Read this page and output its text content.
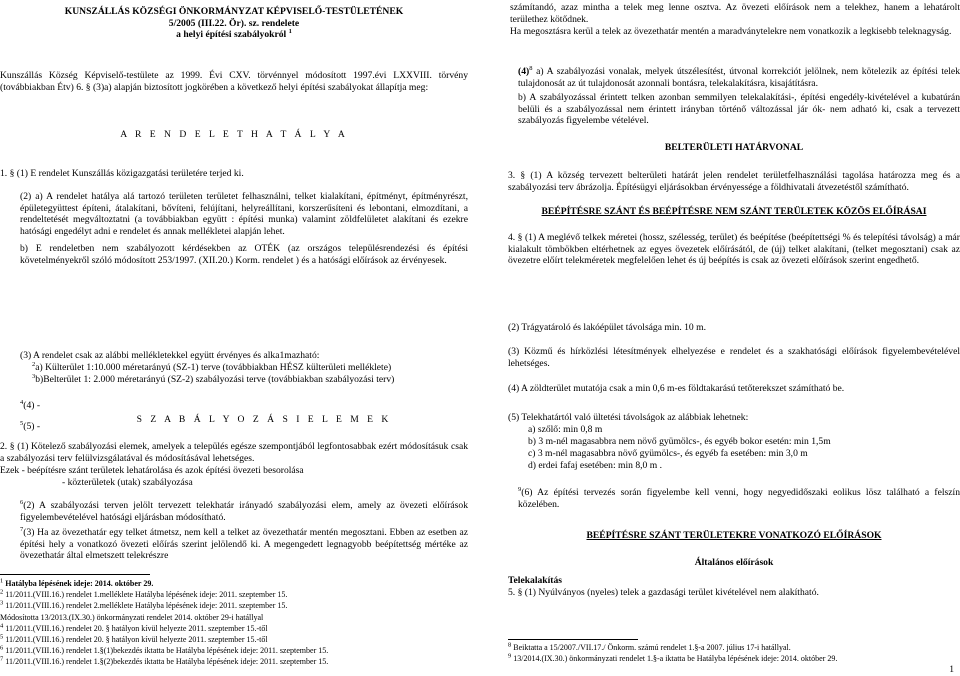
KUNSZÁLLÁS KÖZSÉGI ÖNKORMÁNYZAT KÉPVISELŐ-TESTÜLETÉNEK
5/2005 (III.22. Ör). sz. rendelete
a helyi építési szabályokról $^1$
Kunszállás Község Képviselő-testülete az 1999. Évi CXV. törvénnyel módosított 1997.évi LXXVIII. törvény (továbbiakban Étv) 6. § (3)a) alapján biztosított jogkörében a következő helyi építési szabályokat állapítja meg:
A R E N D E L E T H A T Á L Y A
1. § (1) E rendelet Kunszállás közigazgatási területére terjed ki.
(2) a) A rendelet hatálya alá tartozó területen területet felhasználni, telket kialakítani, építményt, építményrészt, épületegyüttest építeni, átalakítani, bővíteni, felújítani, helyreállítani, korszerűsíteni és lebontani, elmozdítani, a rendeltetését megváltoztatni (a továbbiakban együtt : építési munka) valamint zöldfelületet alakítani és ezekre hatósági engedélyt adni e rendelet és annak mellékletei alapján lehet.
b) E rendeletben nem szabályozott kérdésekben az OTÉK (az országos településrendezési és építési követelményekről szóló módosított 253/1997. (XII.20.) Korm. rendelet ) és a hatósági előírások az érvényesek.
(3) A rendelet csak az alábbi mellékletekkel együtt érvényes és alka1mazható:
$^2$a) Külterület 1:10.000 méretarányú (SZ-1) terve (továbbiakban HÉSZ külterületi melléklete)
$^3$b)Belterület 1: 2.000 méretarányú (SZ-2) szabályozási terve (továbbiakban szabályozási terv)
$^4$(4) -
$^5$(5) -
S Z A B Á L Y O Z Á S I E L E M E K
2. § (1) Kötelező szabályozási elemek, amelyek a település egésze szempontjából legfontosabbak ezért módosításuk csak a szabályozási terv felülvizsgálatával és módosításával lehetséges.
Ezek - beépítésre szánt területek lehatárolása és azok építési övezeti besorolása
- közterületek (utak) szabályozása
$^6$(2) A szabályozási terven jelölt tervezett telekhatár irányadó szabályozási elem, amely az övezeti előírások figyelembevételével hatósági eljárásban módosítható.
$^7$(3) Ha az övezethatár egy telket átmetsz, nem kell a telket az övezethatár mentén megosztani. Ebben az esetben az építési hely a vonatkozó övezeti előírás szerint jelölendő ki. A megengedett legnagyobb beépítettség mértéke az övezethatár által elmetszett telekrészre
$^1$ Hatályba lépésének ideje: 2014. október 29.
$^2$ 11/2011.(VIII.16.) rendelet 1.melléklete Hatályba lépésének ideje: 2011. szeptember 15.
$^3$ 11/2011.(VIII.16.) rendelet 2.melléklete Hatályba lépésének ideje: 2011. szeptember 15.
Módosította 13/2013.(IX.30.) önkormányzati rendelet 2014. október 29-i hatállyal
$^4$ 11/2011.(VIII.16.) rendelet 20. § hatályon kívül helyezte 2011. szeptember 15.-től
$^5$ 11/2011.(VIII.16.) rendelet 20. § hatályon kívül helyezte 2011. szeptember 15.-től
$^6$ 11/2011.(VIII.16.) rendelet 1.§(1)bekezdés iktatta be Hatályba lépésének ideje: 2011. szeptember 15.
$^7$ 11/2011.(VIII.16.) rendelet 1.§(2)bekezdés iktatta be Hatályba lépésének ideje: 2011. szeptember 15.
számítandó, azaz mintha a telek meg lenne osztva. Az övezeti előírások nem a telekhez, hanem a lehatárolt területhez kötődnek.
Ha megosztásra kerül a telek az övezethatár mentén a maradványtelekre nem vonatkozik a legkisebb teleknagyság.
$(4)^8$ a) A szabályozási vonalak, melyek útszélesítést, útvonal korrekciót jelölnek, nem kötelezik az építési telek tulajdonosát az út tulajdonosát azonnali bontásra, telekalakításra, kisajátításra.
b) A szabályozással érintett telken azonban semmilyen telekalakítási-, építési engedély-kivételével a kubatúrán belüli és a szabályozással nem érintett irányban történő változással jár ók- nem adható ki, csak a tervezett szabályozás figyelembe vételével.
BELTERÜLETI HATÁRVONAL
3. § (1) A község tervezett belterületi határát jelen rendelet területfelhasználási tagolása határozza meg és a szabályozási terv ábrázolja. Építésügyi eljárásokban érvényessége a földhivatali átvezetéstől számítható.
BEÉPÍTÉSRE SZÁNT ÉS BEÉPÍTÉSRE NEM SZÁNT TERÜLETEK KÖZÖS ELŐÍRÁSAI
4. § (1) A meglévő telkek méretei (hossz, szélesség, terület) és beépítése (beépítettségi % és telepítési távolság) a már kialakult tömbökben eltérhetnek az egyes övezetek előírásától, de (új) telket alakítani, (telket megosztani) csak az övezetre előírt telekméretek megfelelően lehet és új beépítés is csak az övezeti előírások szerint engedhető.
(2) Trágyatároló és lakóépület távolsága min. 10 m.
(3) Közmű és hírközlési létesítmények elhelyezése e rendelet és a szakhatósági előírások figyelembevételével lehetséges.
(4) A zöldterület mutatója csak a min 0,6 m-es földtakarású tetőterekszet számítható be.
(5) Telekhatártól való ültetési távolságok az alábbiak lehetnek:
a) szőlő: min 0,8 m
b) 3 m-nél magasabbra nem növő gyümölcs-, és egyéb bokor esetén: min 1,5m
c) 3 m-nél magasabbra növő gyümölcs-, és egyéb fa esetében: min 3,0 m
d) erdei fafaj esetében: min 8,0 m .
$^9$(6) Az építési tervezés során figyelembe kell venni, hogy negyedidőszaki eolikus lösz található a felszín közelében.
BEÉPÍTÉSRE SZÁNT TERÜLETEKRE VONATKOZÓ ELŐÍRÁSOK
Általános előírások
Telekalakítás
5. § (1) Nyúlványos (nyeles) telek a gazdasági terület kivételével nem alakítható.
$^8$ Beiktatta a 15/2007./VII.17./ Önkorm. számú rendelet 1.§-a 2007. július 17-i hatállyal.
$^9$ 13/2014.(IX.30.) önkormányzati rendelet 1.§-a iktatta be Hatályba lépésének ideje: 2014. október 29.
1
